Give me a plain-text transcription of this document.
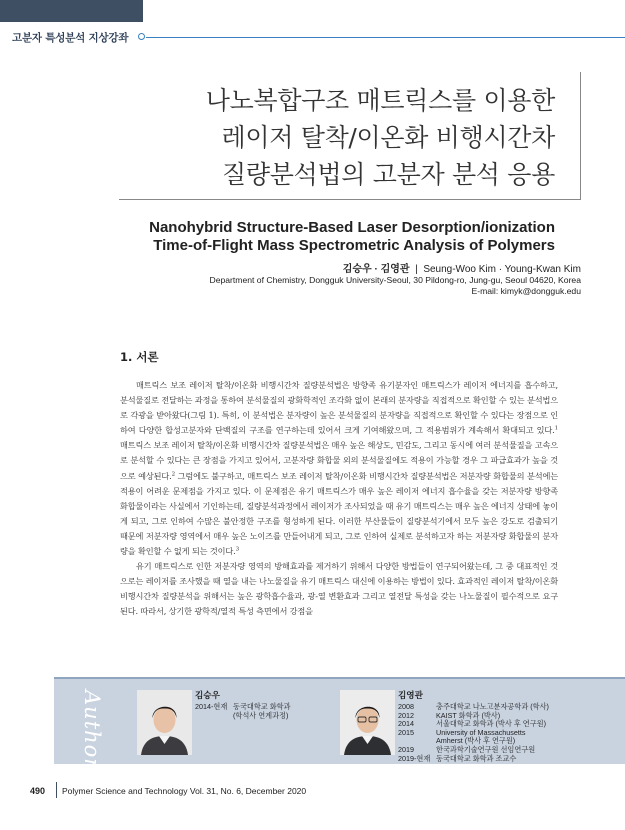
고분자 특성분석 지상강좌
나노복합구조 매트릭스를 이용한
레이저 탈착/이온화 비행시간차
질량분석법의 고분자 분석 응용
Nanohybrid Structure-Based Laser Desorption/ionization
Time-of-Flight Mass Spectrometric Analysis of Polymers
김승우 · 김영관  |  Seung-Woo Kim · Young-Kwan Kim
Department of Chemistry, Dongguk University-Seoul, 30 Pildong-ro, Jung-gu, Seoul 04620, Korea
E-mail: kimyk@dongguk.edu
1. 서론

매트릭스 보조 레이저 탈착/이온화 비행시간차 질량분석법은 방향족 유기분자인 매트릭스가 레이저 에너지를 흡수하고, 분석물질로 전달하는 과정을 통하여 분석물질의 광화학적인 조각화 없이 본래의 분자량을 직접적으로 확인할 수 있는 분석법으로 각광을 받아왔다(그림 1). 특히, 이 분석법은 분자량이 높은 분석물질의 분자량을 직접적으로 확인할 수 있다는 장점으로 인하여 다양한 합성고분자와 단백질의 구조를 연구하는데 있어서 크게 기여해왔으며, 그 적용범위가 계속해서 확대되고 있다.$^1$ 매트릭스 보조 레이저 탈착/이온화 비행시간차 질량분석법은 매우 높은 해상도, 민감도, 그리고 동시에 여러 분석물질을 고속으로 분석할 수 있다는 큰 장점을 가지고 있어서, 고분자량 화합물 외의 분석물질에도 적용이 가능할 경우 그 파급효과가 높을 것으로 예상된다.$^2$ 그럼에도 불구하고, 매트릭스 보조 레이저 탈착/이온화 비행시간차 질량분석법은 저분자량 화합물의 분석에는 적용이 어려운 문제점을 가지고 있다. 이 문제점은 유기 매트릭스가 매우 높은 레이저 에너지 흡수율을 갖는 저분자량 방향족 화합물이라는 사실에서 기인하는데, 질량분석과정에서 레이저가 조사되었을 때 유기 매트릭스는 매우 높은 에너지 상태에 놓이게 되고, 그로 인하여 수많은 불안정한 구조를 형성하게 된다. 이러한 부산물들이 질량분석기에서 모두 높은 강도로 검출되기 때문에 저분자량 영역에서 매우 높은 노이즈를 만들어내게 되고, 그로 인하여 실제로 분석하고자 하는 저분자량 화합물의 분자량을 확인할 수 없게 되는 것이다.$^3$

유기 매트릭스로 인한 저분자량 영역의 방해효과를 제거하기 위해서 다양한 방법들이 연구되어왔는데, 그 중 대표적인 것으로는 레이저를 조사했을 때 열을 내는 나노물질을 유기 매트릭스 대신에 이용하는 방법이 있다. 효과적인 레이저 탈착/이온화 비행시간차 질량분석을 위해서는 높은 광학흡수율과, 광-열 변환효과 그리고 열전달 특성을 갖는 나노물질이 필수적으로 요구된다. 따라서, 상기한 광학적/열적 특성 측면에서 강점을

Author	김승우
2014-현재 동국대학교 화학과
(학석사 연계과정)
김영관
2008	충주대학교 나노고분자공학과 (학사)
2012	KAIST 화학과 (박사)
2014	서울대학교 화학과 (박사 후 연구원)
2015	University of Massachusetts
Amherst (박사 후 연구원)
2019	한국과학기술연구원 선임연구원
2019-현재 동국대학교 화학과 조교수
490 Polymer Science and Technology Vol. 31, No. 6, December 2020
